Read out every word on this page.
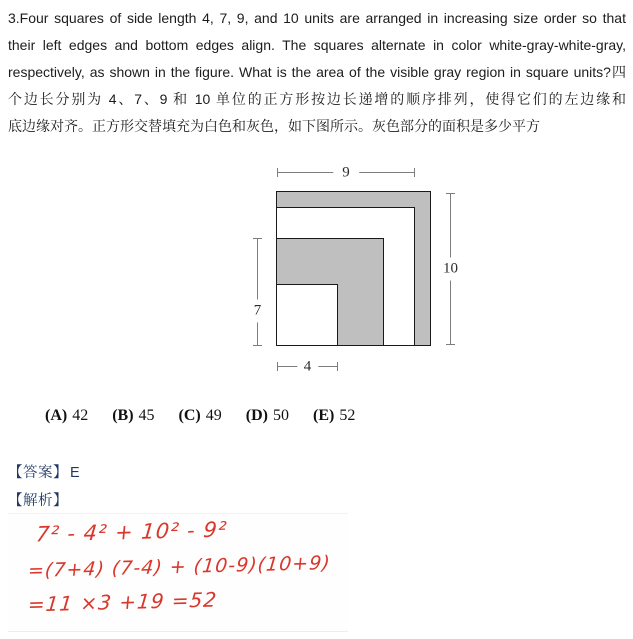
3.Four squares of side length 4, 7, 9, and 10 units are arranged in increasing size order so that
their left edges and bottom edges align. The squares alternate in color white-gray-white-gray,
respectively, as shown in the figure. What is the area of the visible gray region in square units?四
个边长分别为 4、7、9 和 10 单位的正方形按边长递增的顺序排列，使得它们的左边缘和
底边缘对齐。正方形交替填充为白色和灰色，如下图所示。灰色部分的面积是多少平方
9
4
10
7
(A) 42 (B) 45 (C) 49 (D) 50 (E) 52
【答案】 E
【解析】
7² - 4² + 10² - 9²
=(7+4) (7-4) + (10-9)(10+9)
=11 ×3 +19 =52
